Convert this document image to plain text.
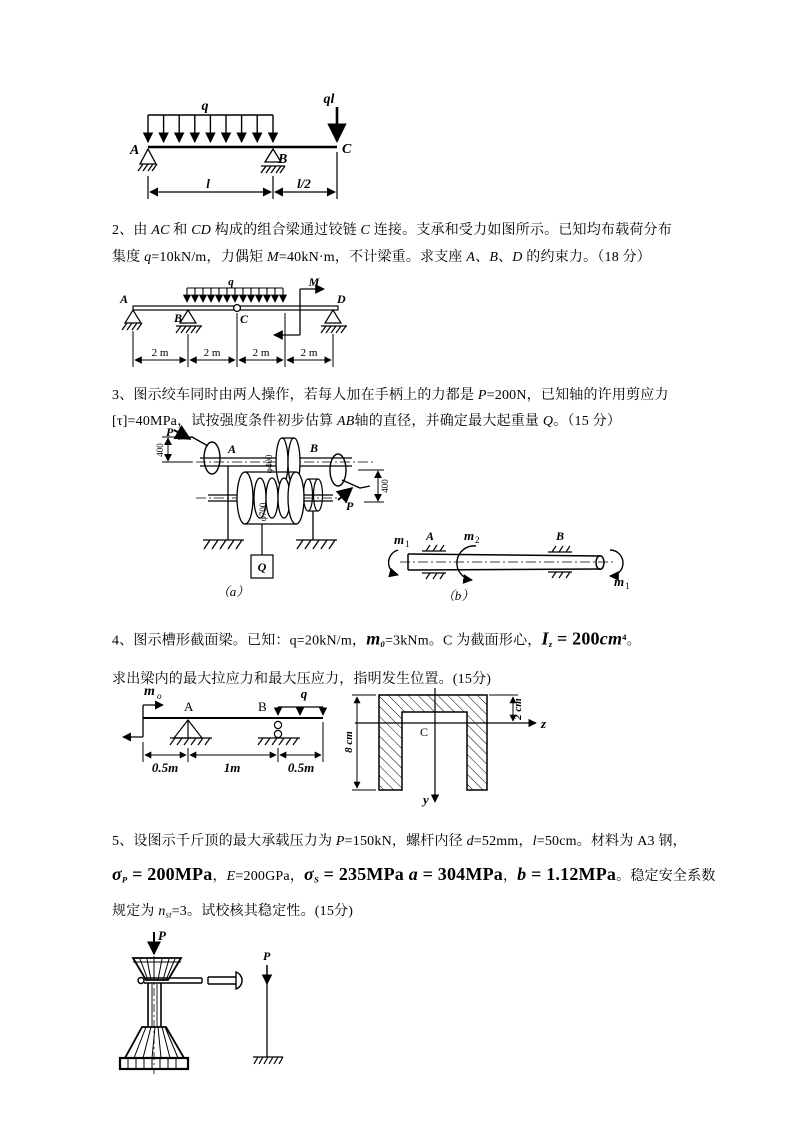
q	ql
A
B
C
l	l/2
2、由 AC 和 CD 构成的组合梁通过铰链 C 连接。支承和受力如图所示。已知均布载荷分布
集度 q=10kN/m，力偶矩 M=40kN·m，不计梁重。求支座 A、B、D 的约束力。（18 分）
q	M
A
B	C
D
2 m	2 m	2 m	2 m
3、图示绞车同时由两人操作，若每人加在手柄上的力都是 P=200N，已知轴的许用剪应力
[τ]=40MPa，试按强度条件初步估算 AB轴的直径，并确定最大起重量 Q。（15 分）
P
P
A	B
φ400
φ700
Q
400
400
（a）
m 1
A m 2	B
m 1
（b）
4、图示槽形截面梁。已知：q=20kN/m，m0=3kNm。C 为截面形心，$Iz = 200cm^4$。
求出梁内的最大拉应力和最大压应力，指明发生位置。(15分)
m o
A	B
q
0.5m	1m	0.5m
z
y
C
8 cm
2 cm
5、设图示千斤顶的最大承载压力为 P=150kN，螺杆内径 d=52mm，l=50cm。材料为 A3 钢，
σP = 200MPa，E=200GPa，σS = 235MPa a = 304MPa，b = 1.12MPa。稳定安全系数
规定为 nst=3。试校核其稳定性。(15分)
P
P
